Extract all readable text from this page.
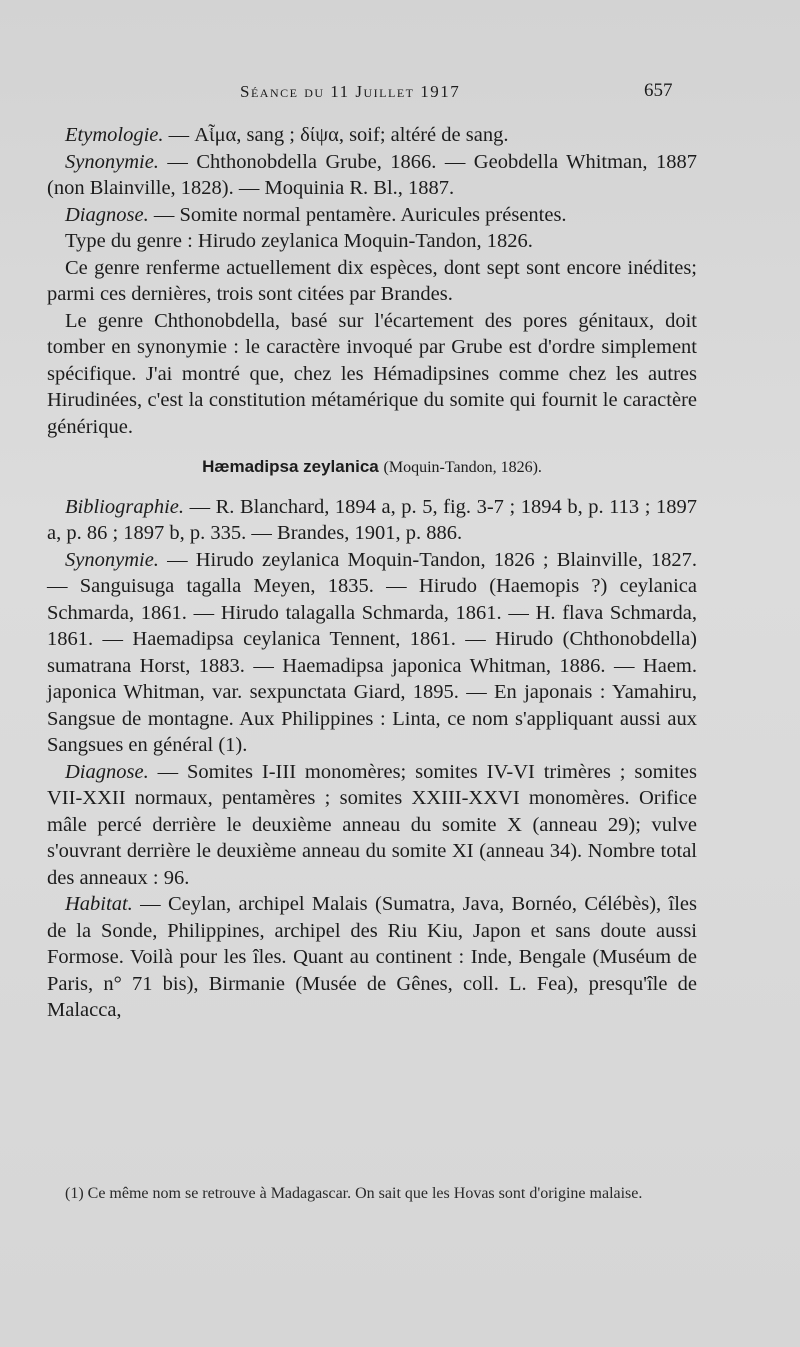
Séance du 11 Juillet 1917	657

Etymologie. — Αἷμα, sang ; δίψα, soif; altéré de sang.

Synonymie. — Chthonobdella Grube, 1866. — Geobdella Whitman, 1887 (non Blainville, 1828). — Moquinia R. Bl., 1887.

Diagnose. — Somite normal pentamère. Auricules présentes.

Type du genre : Hirudo zeylanica Moquin-Tandon, 1826.

Ce genre renferme actuellement dix espèces, dont sept sont encore inédites; parmi ces dernières, trois sont citées par Brandes.

Le genre Chthonobdella, basé sur l'écartement des pores génitaux, doit tomber en synonymie : le caractère invoqué par Grube est d'ordre simplement spécifique. J'ai montré que, chez les Hémadipsines comme chez les autres Hirudinées, c'est la constitution métamérique du somite qui fournit le caractère générique.

Hæmadipsa zeylanica (Moquin-Tandon, 1826).

Bibliographie. — R. Blanchard, 1894 a, p. 5, fig. 3-7 ; 1894 b, p. 113 ; 1897 a, p. 86 ; 1897 b, p. 335. — Brandes, 1901, p. 886.

Synonymie. — Hirudo zeylanica Moquin-Tandon, 1826 ; Blainville, 1827. — Sanguisuga tagalla Meyen, 1835. — Hirudo (Haemopis ?) ceylanica Schmarda, 1861. — Hirudo talagalla Schmarda, 1861. — H. flava Schmarda, 1861. — Haemadipsa ceylanica Tennent, 1861. — Hirudo (Chthonobdella) sumatrana Horst, 1883. — Haemadipsa japonica Whitman, 1886. — Haem. japonica Whitman, var. sexpunctata Giard, 1895. — En japonais : Yamahiru, Sangsue de montagne. Aux Philippines : Linta, ce nom s'appliquant aussi aux Sangsues en général (1).

Diagnose. — Somites I-III monomères; somites IV-VI trimères ; somites VII-XXII normaux, pentamères ; somites XXIII-XXVI monomères. Orifice mâle percé derrière le deuxième anneau du somite X (anneau 29); vulve s'ouvrant derrière le deuxième anneau du somite XI (anneau 34). Nombre total des anneaux : 96.

Habitat. — Ceylan, archipel Malais (Sumatra, Java, Bornéo, Célébès), îles de la Sonde, Philippines, archipel des Riu Kiu, Japon et sans doute aussi Formose. Voilà pour les îles. Quant au continent : Inde, Bengale (Muséum de Paris, n° 71 bis), Birmanie (Musée de Gênes, coll. L. Fea), presqu'île de Malacca,

(1) Ce même nom se retrouve à Madagascar. On sait que les Hovas sont d'origine malaise.
